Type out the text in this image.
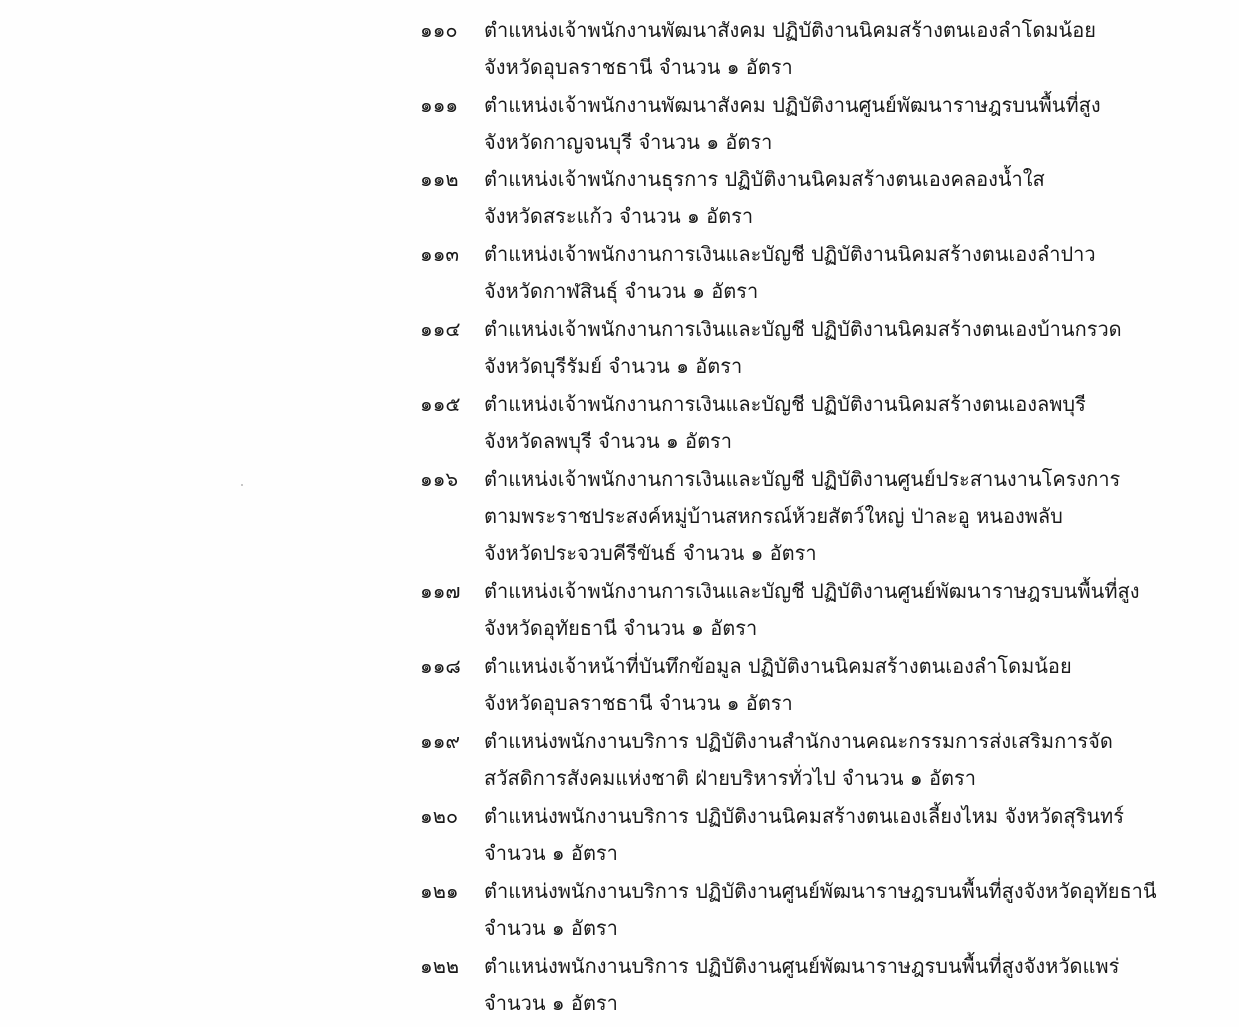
๑๑๐	ตำแหน่งเจ้าพนักงานพัฒนาสังคม ปฏิบัติงานนิคมสร้างตนเองลำโดมน้อย
จังหวัดอุบลราชธานี จำนวน ๑ อัตรา
๑๑๑	ตำแหน่งเจ้าพนักงานพัฒนาสังคม ปฏิบัติงานศูนย์พัฒนาราษฎรบนพื้นที่สูง
จังหวัดกาญจนบุรี จำนวน ๑ อัตรา
๑๑๒	ตำแหน่งเจ้าพนักงานธุรการ ปฏิบัติงานนิคมสร้างตนเองคลองน้ำใส
จังหวัดสระแก้ว จำนวน ๑ อัตรา
๑๑๓	ตำแหน่งเจ้าพนักงานการเงินและบัญชี ปฏิบัติงานนิคมสร้างตนเองลำปาว
จังหวัดกาฬสินธุ์ จำนวน ๑ อัตรา
๑๑๔	ตำแหน่งเจ้าพนักงานการเงินและบัญชี ปฏิบัติงานนิคมสร้างตนเองบ้านกรวด
จังหวัดบุรีรัมย์ จำนวน ๑ อัตรา
๑๑๕	ตำแหน่งเจ้าพนักงานการเงินและบัญชี ปฏิบัติงานนิคมสร้างตนเองลพบุรี
จังหวัดลพบุรี จำนวน ๑ อัตรา
๑๑๖	ตำแหน่งเจ้าพนักงานการเงินและบัญชี ปฏิบัติงานศูนย์ประสานงานโครงการ
ตามพระราชประสงค์หมู่บ้านสหกรณ์ห้วยสัตว์ใหญ่ ป่าละอู หนองพลับ
จังหวัดประจวบคีรีขันธ์ จำนวน ๑ อัตรา
๑๑๗	ตำแหน่งเจ้าพนักงานการเงินและบัญชี ปฏิบัติงานศูนย์พัฒนาราษฎรบนพื้นที่สูง
จังหวัดอุทัยธานี จำนวน ๑ อัตรา
๑๑๘	ตำแหน่งเจ้าหน้าที่บันทึกข้อมูล ปฏิบัติงานนิคมสร้างตนเองลำโดมน้อย
จังหวัดอุบลราชธานี จำนวน ๑ อัตรา
๑๑๙	ตำแหน่งพนักงานบริการ ปฏิบัติงานสำนักงานคณะกรรมการส่งเสริมการจัด
สวัสดิการสังคมแห่งชาติ ฝ่ายบริหารทั่วไป จำนวน ๑ อัตรา
๑๒๐	ตำแหน่งพนักงานบริการ ปฏิบัติงานนิคมสร้างตนเองเลี้ยงไหม จังหวัดสุรินทร์
จำนวน ๑ อัตรา
๑๒๑	ตำแหน่งพนักงานบริการ ปฏิบัติงานศูนย์พัฒนาราษฎรบนพื้นที่สูงจังหวัดอุทัยธานี
จำนวน ๑ อัตรา
๑๒๒	ตำแหน่งพนักงานบริการ ปฏิบัติงานศูนย์พัฒนาราษฎรบนพื้นที่สูงจังหวัดแพร่
จำนวน ๑ อัตรา
